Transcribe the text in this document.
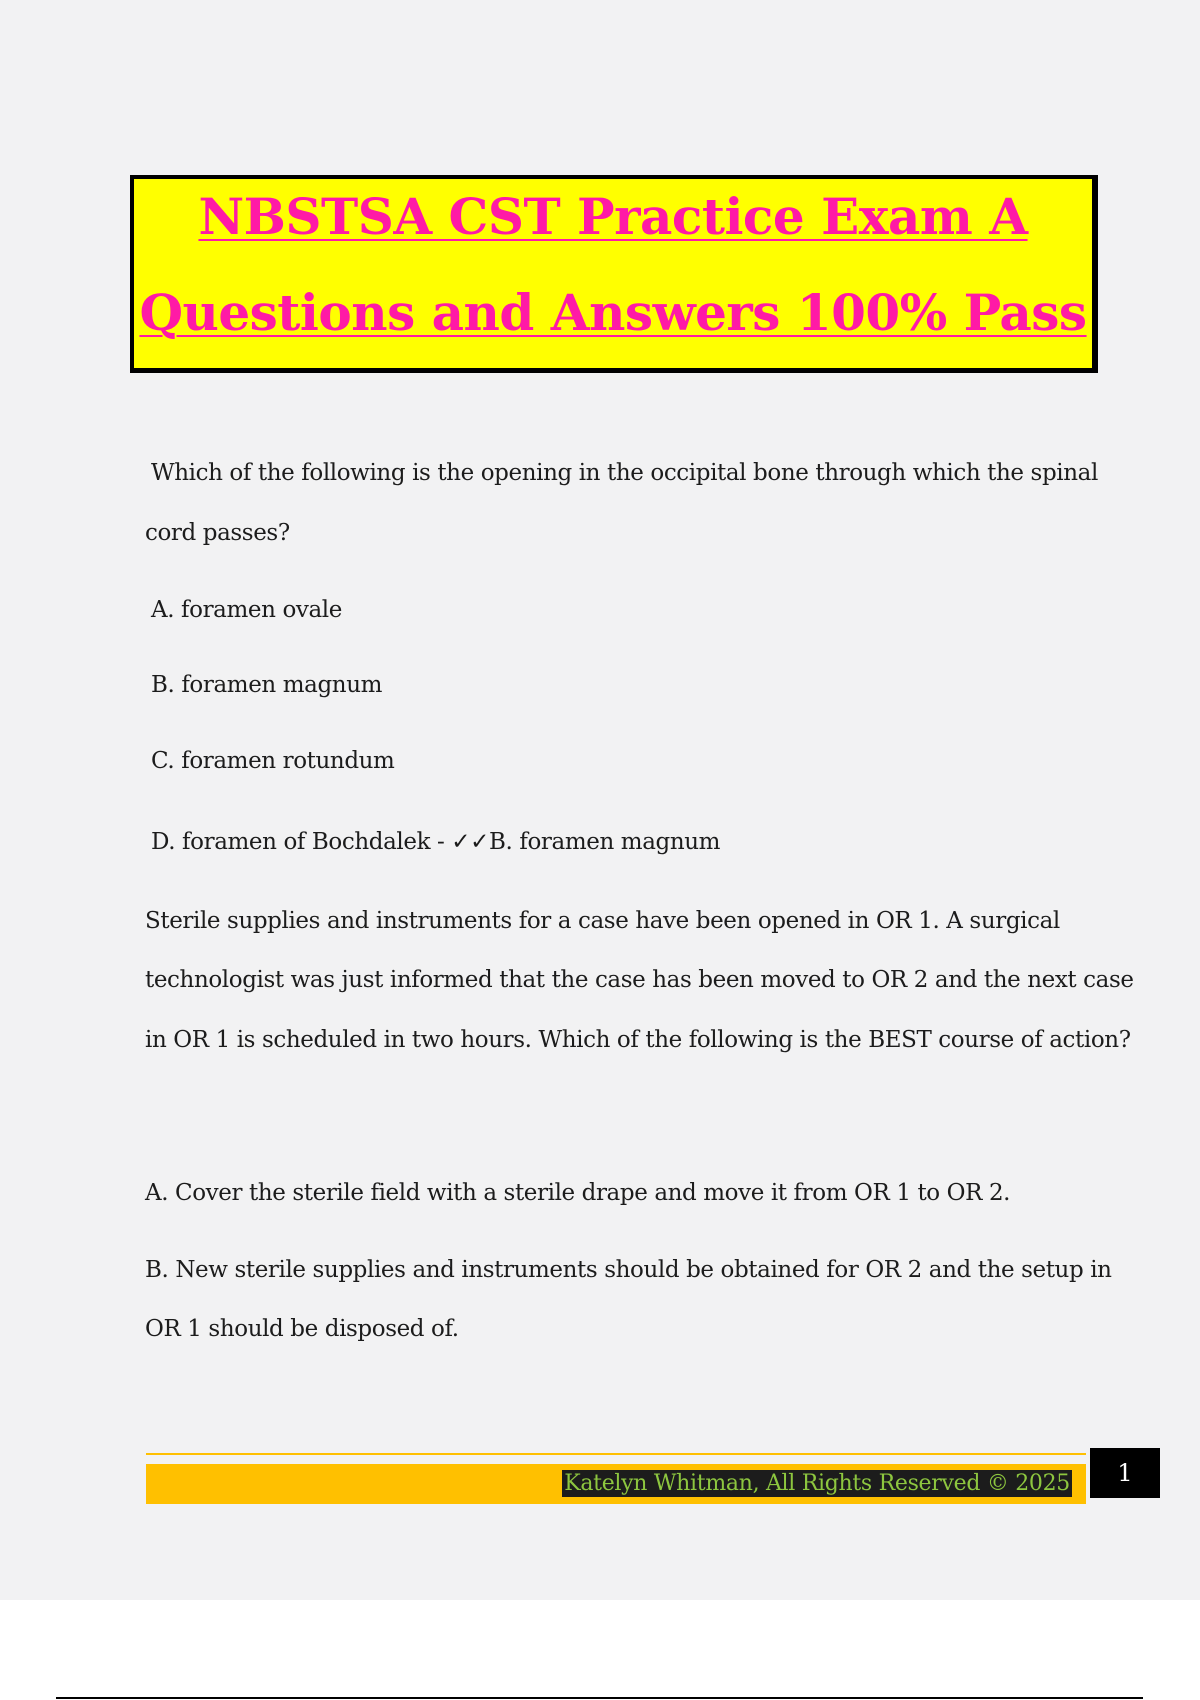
NBSTSA CST Practice Exam A
Questions and Answers 100% Pass
Which of the following is the opening in the occipital bone through which the spinal
cord passes?
A. foramen ovale
B. foramen magnum
C. foramen rotundum
D. foramen of Bochdalek - ✓✓B. foramen magnum
Sterile supplies and instruments for a case have been opened in OR 1. A surgical
technologist was just informed that the case has been moved to OR 2 and the next case
in OR 1 is scheduled in two hours. Which of the following is the BEST course of action?
A. Cover the sterile field with a sterile drape and move it from OR 1 to OR 2.
B. New sterile supplies and instruments should be obtained for OR 2 and the setup in
OR 1 should be disposed of.
Katelyn Whitman, All Rights Reserved © 2025	1
